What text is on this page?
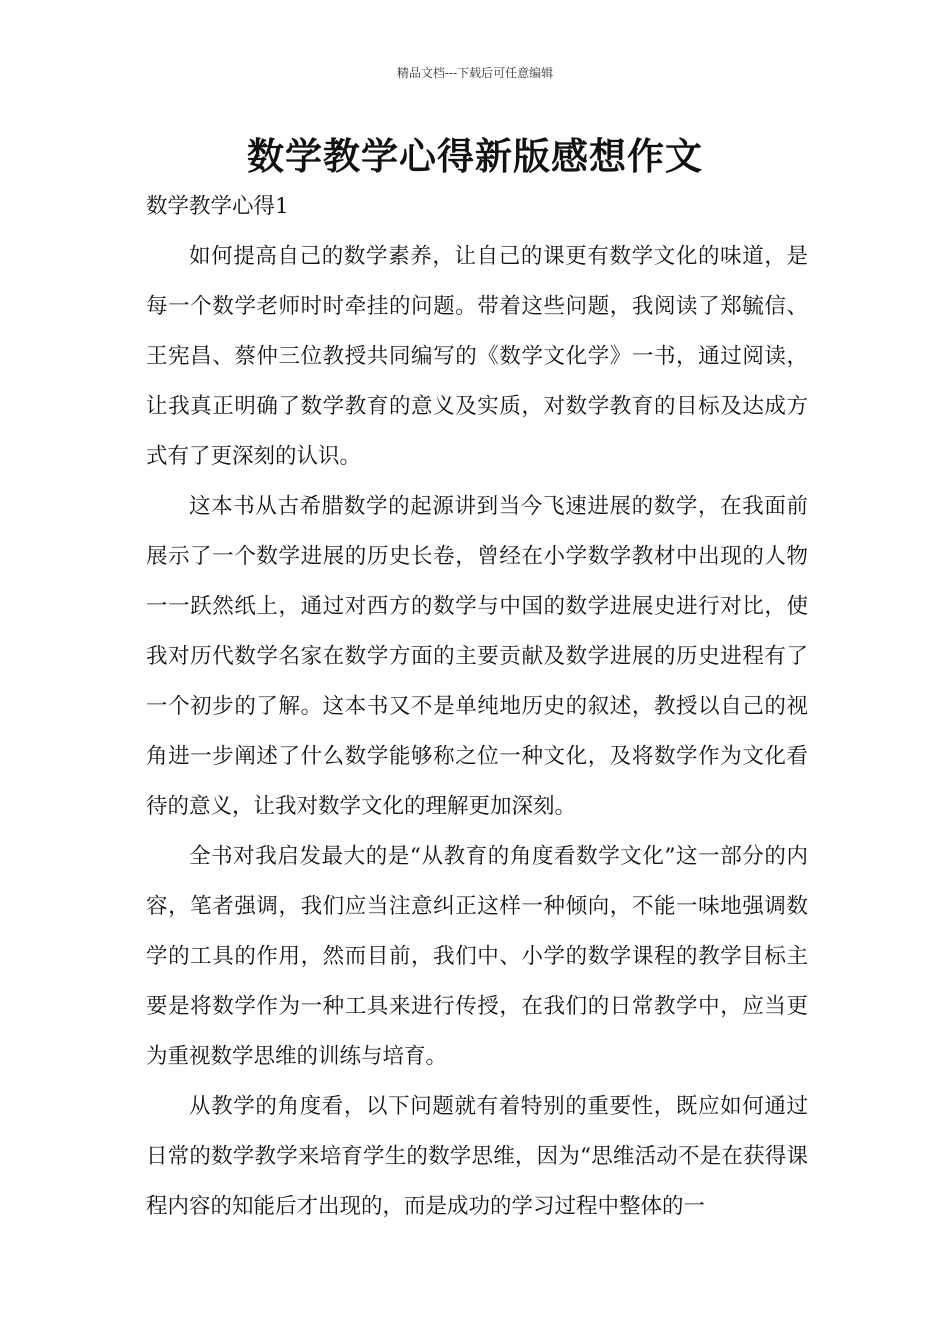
精品文档---下载后可任意编辑
数学教学心得新版感想作文

数学教学心得1

如何提高自己的数学素养，让自己的课更有数学文化的味道，是每一个数学老师时时牵挂的问题。带着这些问题，我阅读了郑毓信、王宪昌、蔡仲三位教授共同编写的《数学文化学》一书，通过阅读，让我真正明确了数学教育的意义及实质，对数学教育的目标及达成方式有了更深刻的认识。

这本书从古希腊数学的起源讲到当今飞速进展的数学，在我面前展示了一个数学进展的历史长卷，曾经在小学数学教材中出现的人物一一跃然纸上，通过对西方的数学与中国的数学进展史进行对比，使我对历代数学名家在数学方面的主要贡献及数学进展的历史进程有了一个初步的了解。这本书又不是单纯地历史的叙述，教授以自己的视角进一步阐述了什么数学能够称之位一种文化，及将数学作为文化看待的意义，让我对数学文化的理解更加深刻。

全书对我启发最大的是“从教育的角度看数学文化”这一部分的内容，笔者强调，我们应当注意纠正这样一种倾向，不能一味地强调数学的工具的作用，然而目前，我们中、小学的数学课程的教学目标主要是将数学作为一种工具来进行传授，在我们的日常教学中，应当更为重视数学思维的训练与培育。

从教学的角度看，以下问题就有着特别的重要性，既应如何通过日常的数学教学来培育学生的数学思维，因为“思维活动不是在获得课程内容的知能后才出现的，而是成功的学习过程中整体的一
